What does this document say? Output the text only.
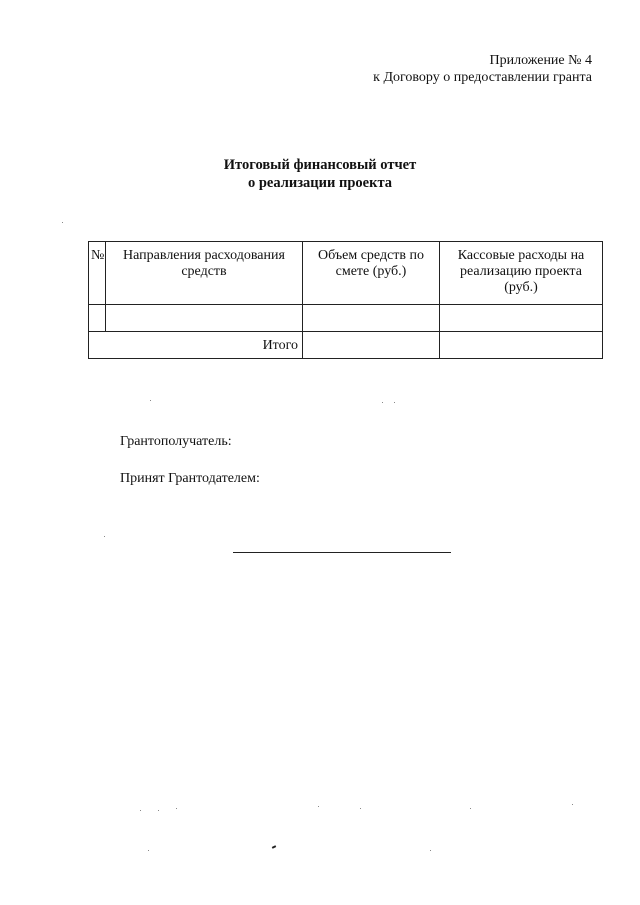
Приложение № 4
к Договору о предоставлении гранта
Итоговый финансовый отчет
о реализации проекта
№	Направления расходования средств	Объем средств по смете (руб.)	Кассовые расходы на реализацию проекта (руб.)

Итого			
Грантополучатель:
Принят Грантодателем:
